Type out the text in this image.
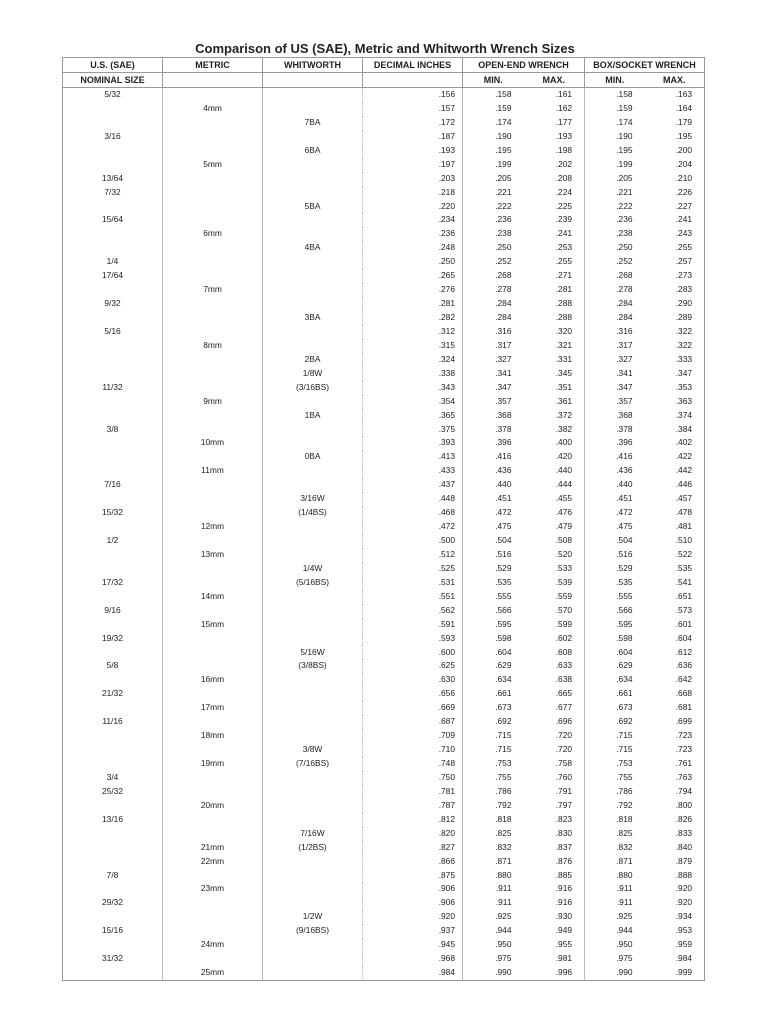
Comparison of US (SAE), Metric and Whitworth Wrench Sizes
U.S. (SAE)	METRIC	WHITWORTH	DECIMAL INCHES	OPEN-END WRENCH		BOX/SOCKET WRENCH	
NOMINAL SIZE				MIN.	MAX.	MIN.	MAX.
5/32			.156	.158	.161	.158	.163
	4mm		.157	.159	.162	.159	.164
		7BA	.172	.174	.177	.174	.179
3/16			.187	.190	.193	.190	.195
		6BA	.193	.195	.198	.195	.200
	5mm		.197	.199	.202	.199	.204
13/64			.203	.205	.208	.205	.210
7/32			.218	.221	.224	.221	.226
		5BA	.220	.222	.225	.222	.227
15/64			.234	.236	.239	.236	.241
	6mm		.236	.238	.241	.238	.243
		4BA	.248	.250	.253	.250	.255
1/4			.250	.252	.255	.252	.257
17/64			.265	.268	.271	.268	.273
	7mm		.276	.278	.281	.278	.283
9/32			.281	.284	.288	.284	.290
		3BA	.282	.284	.288	.284	.289
5/16			.312	.316	.320	.316	.322
	8mm		.315	.317	.321	.317	.322
		2BA	.324	.327	.331	.327	.333
		1/8W	.338	.341	.345	.341	.347
11/32		(3/16BS)	.343	.347	.351	.347	.353
	9mm		.354	.357	.361	.357	.363
		1BA	.365	.368	.372	.368	.374
3/8			.375	.378	.382	.378	.384
	10mm		.393	.396	.400	.396	.402
		0BA	.413	.416	.420	.416	.422
	11mm		.433	.436	.440	.436	.442
7/16			.437	.440	.444	.440	.446
		3/16W	.448	.451	.455	.451	.457
15/32		(1/4BS)	.468	.472	.476	.472	.478
	12mm		.472	.475	.479	.475	.481
1/2			.500	.504	.508	.504	.510
	13mm		.512	.516	.520	.516	.522
		1/4W	.525	.529	.533	.529	.535
17/32		(5/16BS)	.531	.535	.539	.535	.541
	14mm		.551	.555	.559	.555	.651
9/16			.562	.566	.570	.566	.573
	15mm		.591	.595	.599	.595	.601
19/32			.593	.598	.602	.598	.604
		5/16W	.600	.604	.608	.604	.612
5/8		(3/8BS)	.625	.629	.633	.629	.636
	16mm		.630	.634	.638	.634	.642
21/32			.656	.661	.665	.661	.668
	17mm		.669	.673	.677	.673	.681
11/16			.687	.692	.696	.692	.699
	18mm		.709	.715	.720	.715	.723
		3/8W	.710	.715	.720	.715	.723
	19mm	(7/16BS)	.748	.753	.758	.753	.761
3/4			.750	.755	.760	.755	.763
25/32			.781	.786	.791	.786	.794
	20mm		.787	.792	.797	.792	.800
13/16			.812	.818	.823	.818	.826
		7/16W	.820	.825	.830	.825	.833
	21mm	(1/2BS)	.827	.832	.837	.832	.840
	22mm		.866	.871	.876	.871	.879
7/8			.875	.880	.885	.880	.888
	23mm		.906	.911	.916	.911	.920
29/32			.906	.911	.916	.911	.920
		1/2W	.920	.925	.930	.925	.934
15/16		(9/16BS)	.937	.944	.949	.944	.953
	24mm		.945	.950	.955	.950	.959
31/32			.968	.975	.981	.975	.984
	25mm		.984	.990	.996	.990	.999
